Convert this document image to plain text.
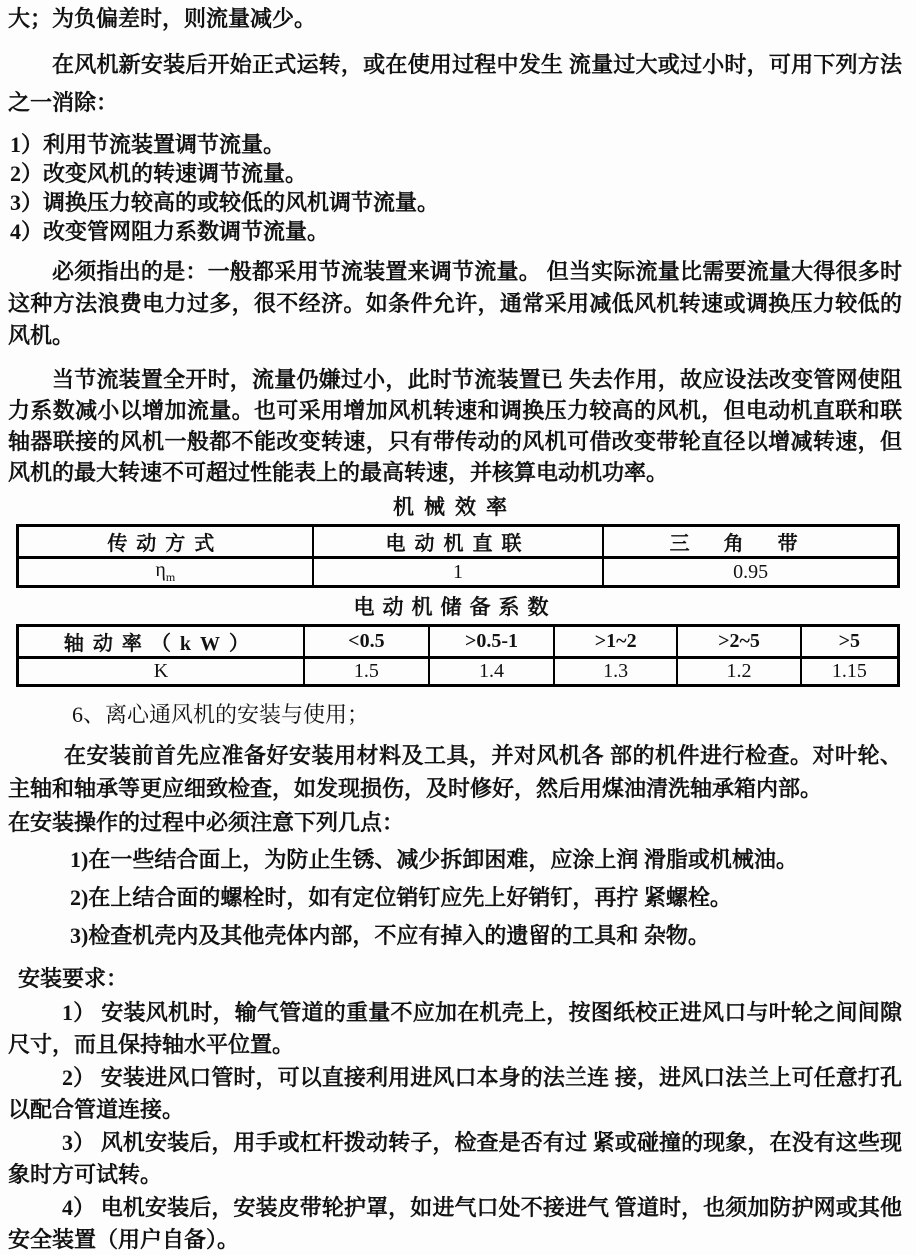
大；为负偏差时，则流量减少。

在风机新安装后开始正式运转，或在使用过程中发生 流量过大或过小时，可用下列方法之一消除：

1）利用节流装置调节流量。

2）改变风机的转速调节流量。

3）调换压力较高的或较低的风机调节流量。

4）改变管网阻力系数调节流量。

必须指出的是：一般都采用节流装置来调节流量。 但当实际流量比需要流量大得很多时这种方法浪费电力过多，很不经济。如条件允许，通常采用减低风机转速或调换压力较低的风机。

当节流装置全开时，流量仍嫌过小，此时节流装置已 失去作用，故应设法改变管网使阻力系数减小以增加流量。也可采用增加风机转速和调换压力较高的风机，但电动机直联和联轴器联接的风机一般都不能改变转速，只有带传动的风机可借改变带轮直径以增减转速，但风机的最大转速不可超过性能表上的最高转速，并核算电动机功率。

机械效率

传动方式	电动机直联	三角带
$\eta_m$	1	0.95

电动机储备系数

轴动率（kW）	<0.5	>0.5-1	>1~2	>2~5	>5
K	1.5	1.4	1.3	1.2	1.15

6、离心通风机的安装与使用；

在安装前首先应准备好安装用材料及工具，并对风机各 部的机件进行检查。对叶轮、主轴和轴承等更应细致检查，如发现损伤，及时修好，然后用煤油清洗轴承箱内部。

在安装操作的过程中必须注意下列几点：

1)在一些结合面上，为防止生锈、减少拆卸困难，应涂上润 滑脂或机械油。

2)在上结合面的螺栓时，如有定位销钉应先上好销钉，再拧 紧螺栓。

3)检查机壳内及其他壳体内部，不应有掉入的遗留的工具和 杂物。

安装要求：

1） 安装风机时，输气管道的重量不应加在机壳上，按图纸校正进风口与叶轮之间间隙尺寸，而且保持轴水平位置。

2） 安装进风口管时，可以直接利用进风口本身的法兰连 接，进风口法兰上可任意打孔以配合管道连接。

3） 风机安装后，用手或杠杆拨动转子，检查是否有过 紧或碰撞的现象，在没有这些现象时方可试转。

4） 电机安装后，安装皮带轮护罩，如进气口处不接进气 管道时，也须加防护网或其他安全装置（用户自备）。
